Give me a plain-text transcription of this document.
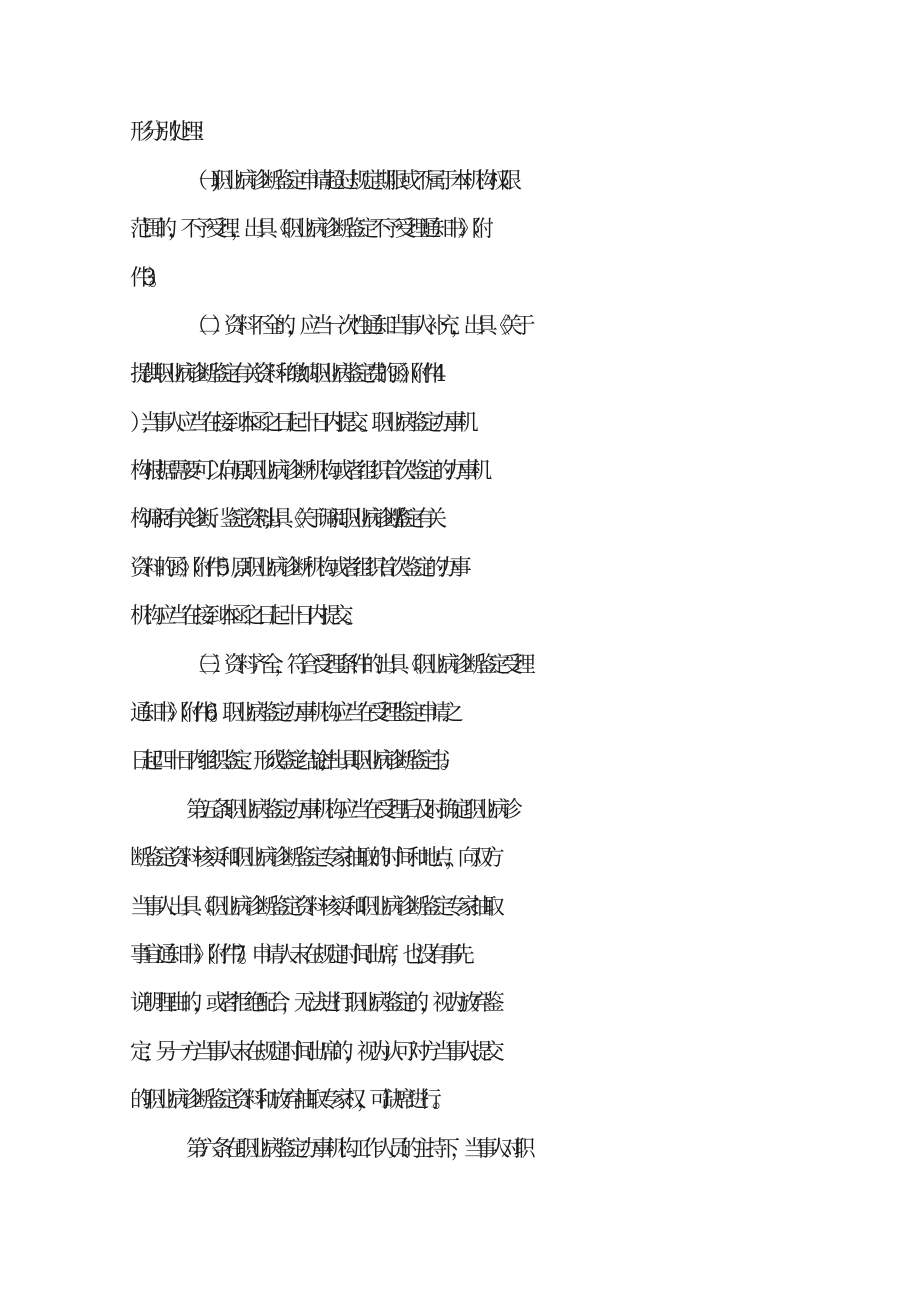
形分别处理：
（一)职业病诊断鉴定申请超过规定期限或不属于本机构权限
范围的，不予受理，出具《职业病诊断鉴定不予受理通知书》（附
件3）。
（二）资料不全的，应当一次性通知当事人补充，出具《关于
提供职业病诊断鉴定有关资料和缴纳职业病鉴定费的函》（附件4
）,当事人应当在接到本函之日起十日内提交。职业病鉴定办事机
构根据需要可以向原职业病诊断机构或者组织首次鉴定的办事机
构调阅有关诊断、鉴定资料,出具《关于调阅职业病诊断/鉴定有关
资料的函》（附件5）,原职业病诊断机构或者组织首次鉴定的办事
机构应当在接到本函之日起十日内提交。
（三）资料齐全，符合受理条件的出具《职业病诊断鉴定受理
通知书》（附件6）。职业病鉴定办事机构应当在受理鉴定申请之
日起四十日内组织鉴定、形成鉴定结论,并出具职业病诊断鉴定书。
第五条职业病鉴定办事机构应当在受理后及时确定职业病诊
断鉴定资料核实和职业病诊断鉴定专家抽取的时间和地点，向双方
当事人出具《职业病诊断鉴定资料核实和职业病诊断鉴定专家抽取
事宜通知书》（附件7）。申请人未在规定时间出席，也没有事先
说明理由的，或者拒绝配合，无法进行职业病鉴定的，视为放弃鉴
定；另一方当事人未在规定时间出席的，视为认可对方当事人提交
的职业病诊断鉴定资料和放弃抽取专家权，可缺席进行。
第六条在职业病鉴定办事机构工作人员的主持下，当事人对职
